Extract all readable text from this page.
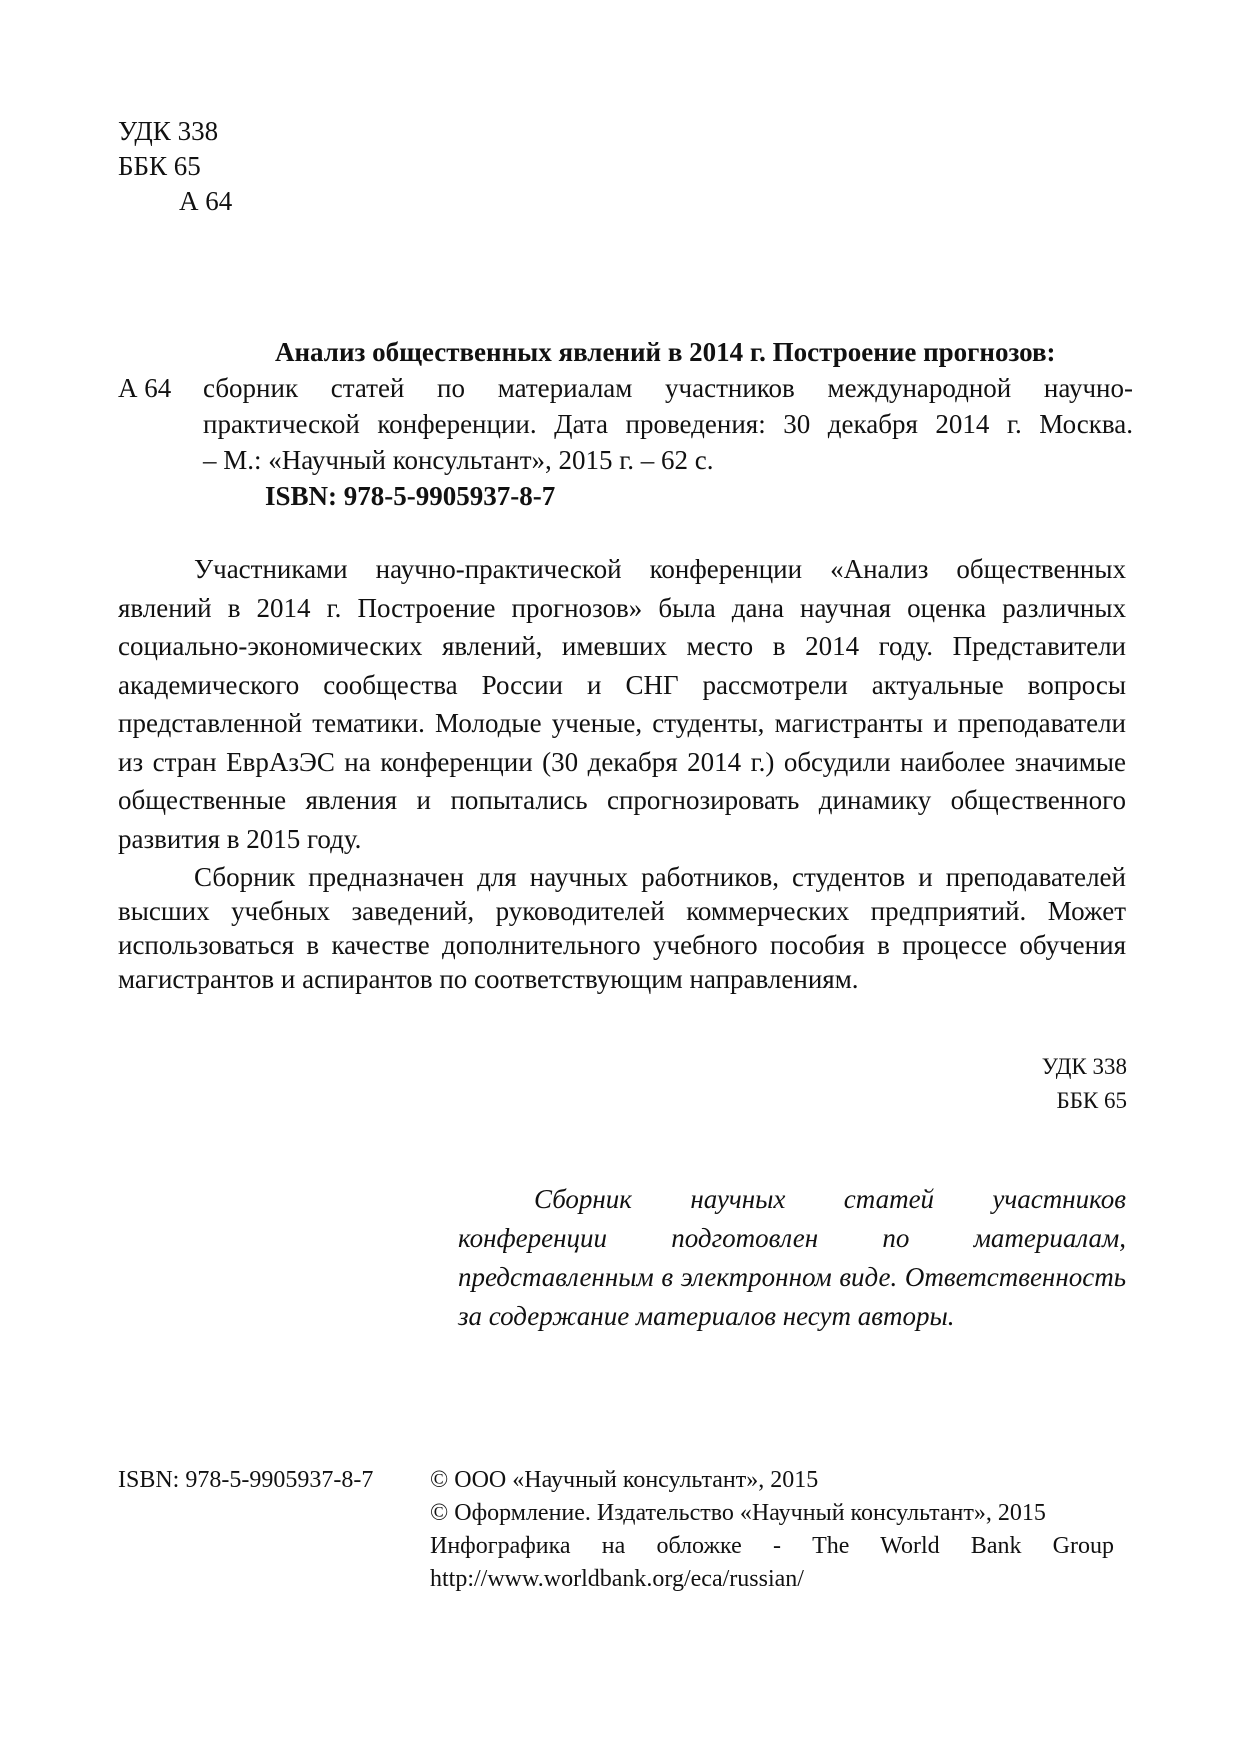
УДК 338
ББК 65
А 64
А 64
Анализ общественных явлений в 2014 г. Построение прогнозов:
сборник статей по материалам участников международной научно-
практической конференции. Дата проведения: 30 декабря 2014 г. Москва.
– М.: «Научный консультант», 2015 г. – 62 с.
ISBN: 978-5-9905937-8-7

Участниками научно-практической конференции «Анализ общественных явлений в 2014 г. Построение прогнозов» была дана научная оценка различных социально-экономических явлений, имевших место в 2014 году. Представители академического сообщества России и СНГ рассмотрели актуальные вопросы представленной тематики. Молодые ученые, студенты, магистранты и преподаватели из стран ЕврАзЭС на конференции (30 декабря 2014 г.) обсудили наиболее значимые общественные явления и попытались спрогнозировать динамику общественного развития в 2015 году.

Сборник предназначен для научных работников, студентов и преподавателей высших учебных заведений, руководителей коммерческих предприятий. Может использоваться в качестве дополнительного учебного пособия в процессе обучения магистрантов и аспирантов по соответствующим направлениям.

УДК 338
ББК 65
Сборник научных статей участников конференции подготовлен по материалам, представленным в электронном виде. Ответственность за содержание материалов несут авторы.
ISBN: 978-5-9905937-8-7 © ООО «Научный консультант», 2015
© Оформление. Издательство «Научный консультант», 2015
Инфографика на обложке - The World Bank Group
http://www.worldbank.org/eca/russian/
